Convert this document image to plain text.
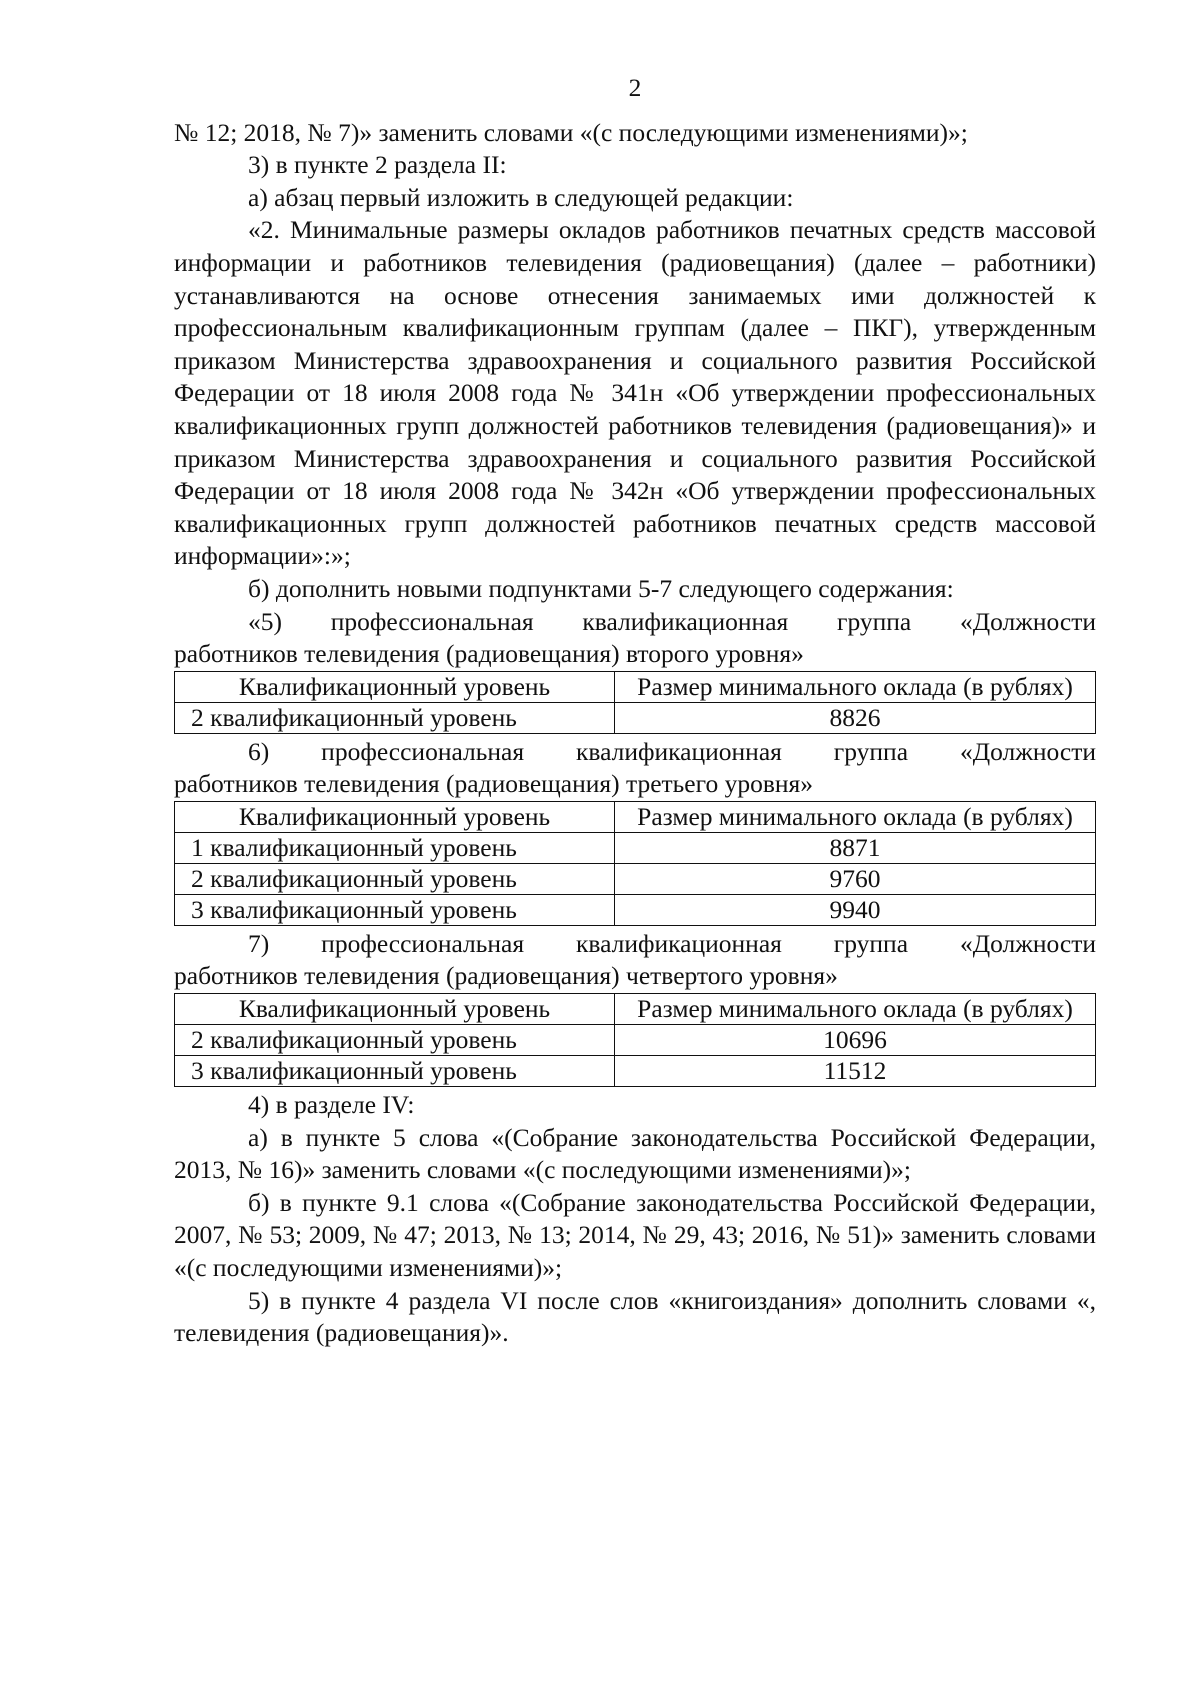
2

№ 12; 2018, № 7)» заменить словами «(с последующими изменениями)»;

3) в пункте 2 раздела II:

а) абзац первый изложить в следующей редакции:

«2. Минимальные размеры окладов работников печатных средств массовой информации и работников телевидения (радиовещания) (далее – работники) устанавливаются на основе отнесения занимаемых ими должностей к профессиональным квалификационным группам (далее – ПКГ), утвержденным приказом Министерства здравоохранения и социального развития Российской Федерации от 18 июля 2008 года № 341н «Об утверждении профессиональных квалификационных групп должностей работников телевидения (радиовещания)» и приказом Министерства здравоохранения и социального развития Российской Федерации от 18 июля 2008 года № 342н «Об утверждении профессиональных квалификационных групп должностей работников печатных средств массовой информации»:»;

б) дополнить новыми подпунктами 5-7 следующего содержания:

«5) профессиональная квалификационная группа «Должности

работников телевидения (радиовещания) второго уровня»

Квалификационный уровень	Размер минимального оклада (в рублях)
2 квалификационный уровень	8826

6) профессиональная квалификационная группа «Должности

работников телевидения (радиовещания) третьего уровня»

Квалификационный уровень	Размер минимального оклада (в рублях)
1 квалификационный уровень	8871
2 квалификационный уровень	9760
3 квалификационный уровень	9940

7) профессиональная квалификационная группа «Должности

работников телевидения (радиовещания) четвертого уровня»

Квалификационный уровень	Размер минимального оклада (в рублях)
2 квалификационный уровень	10696
3 квалификационный уровень	11512

4) в разделе IV:

а) в пункте 5 слова «(Собрание законодательства Российской Федерации, 2013, № 16)» заменить словами «(с последующими изменениями)»;

б) в пункте 9.1 слова «(Собрание законодательства Российской Федерации, 2007, № 53; 2009, № 47; 2013, № 13; 2014, № 29, 43; 2016, № 51)» заменить словами «(с последующими изменениями)»;

5) в пункте 4 раздела VI после слов «книгоиздания» дополнить словами «, телевидения (радиовещания)».
